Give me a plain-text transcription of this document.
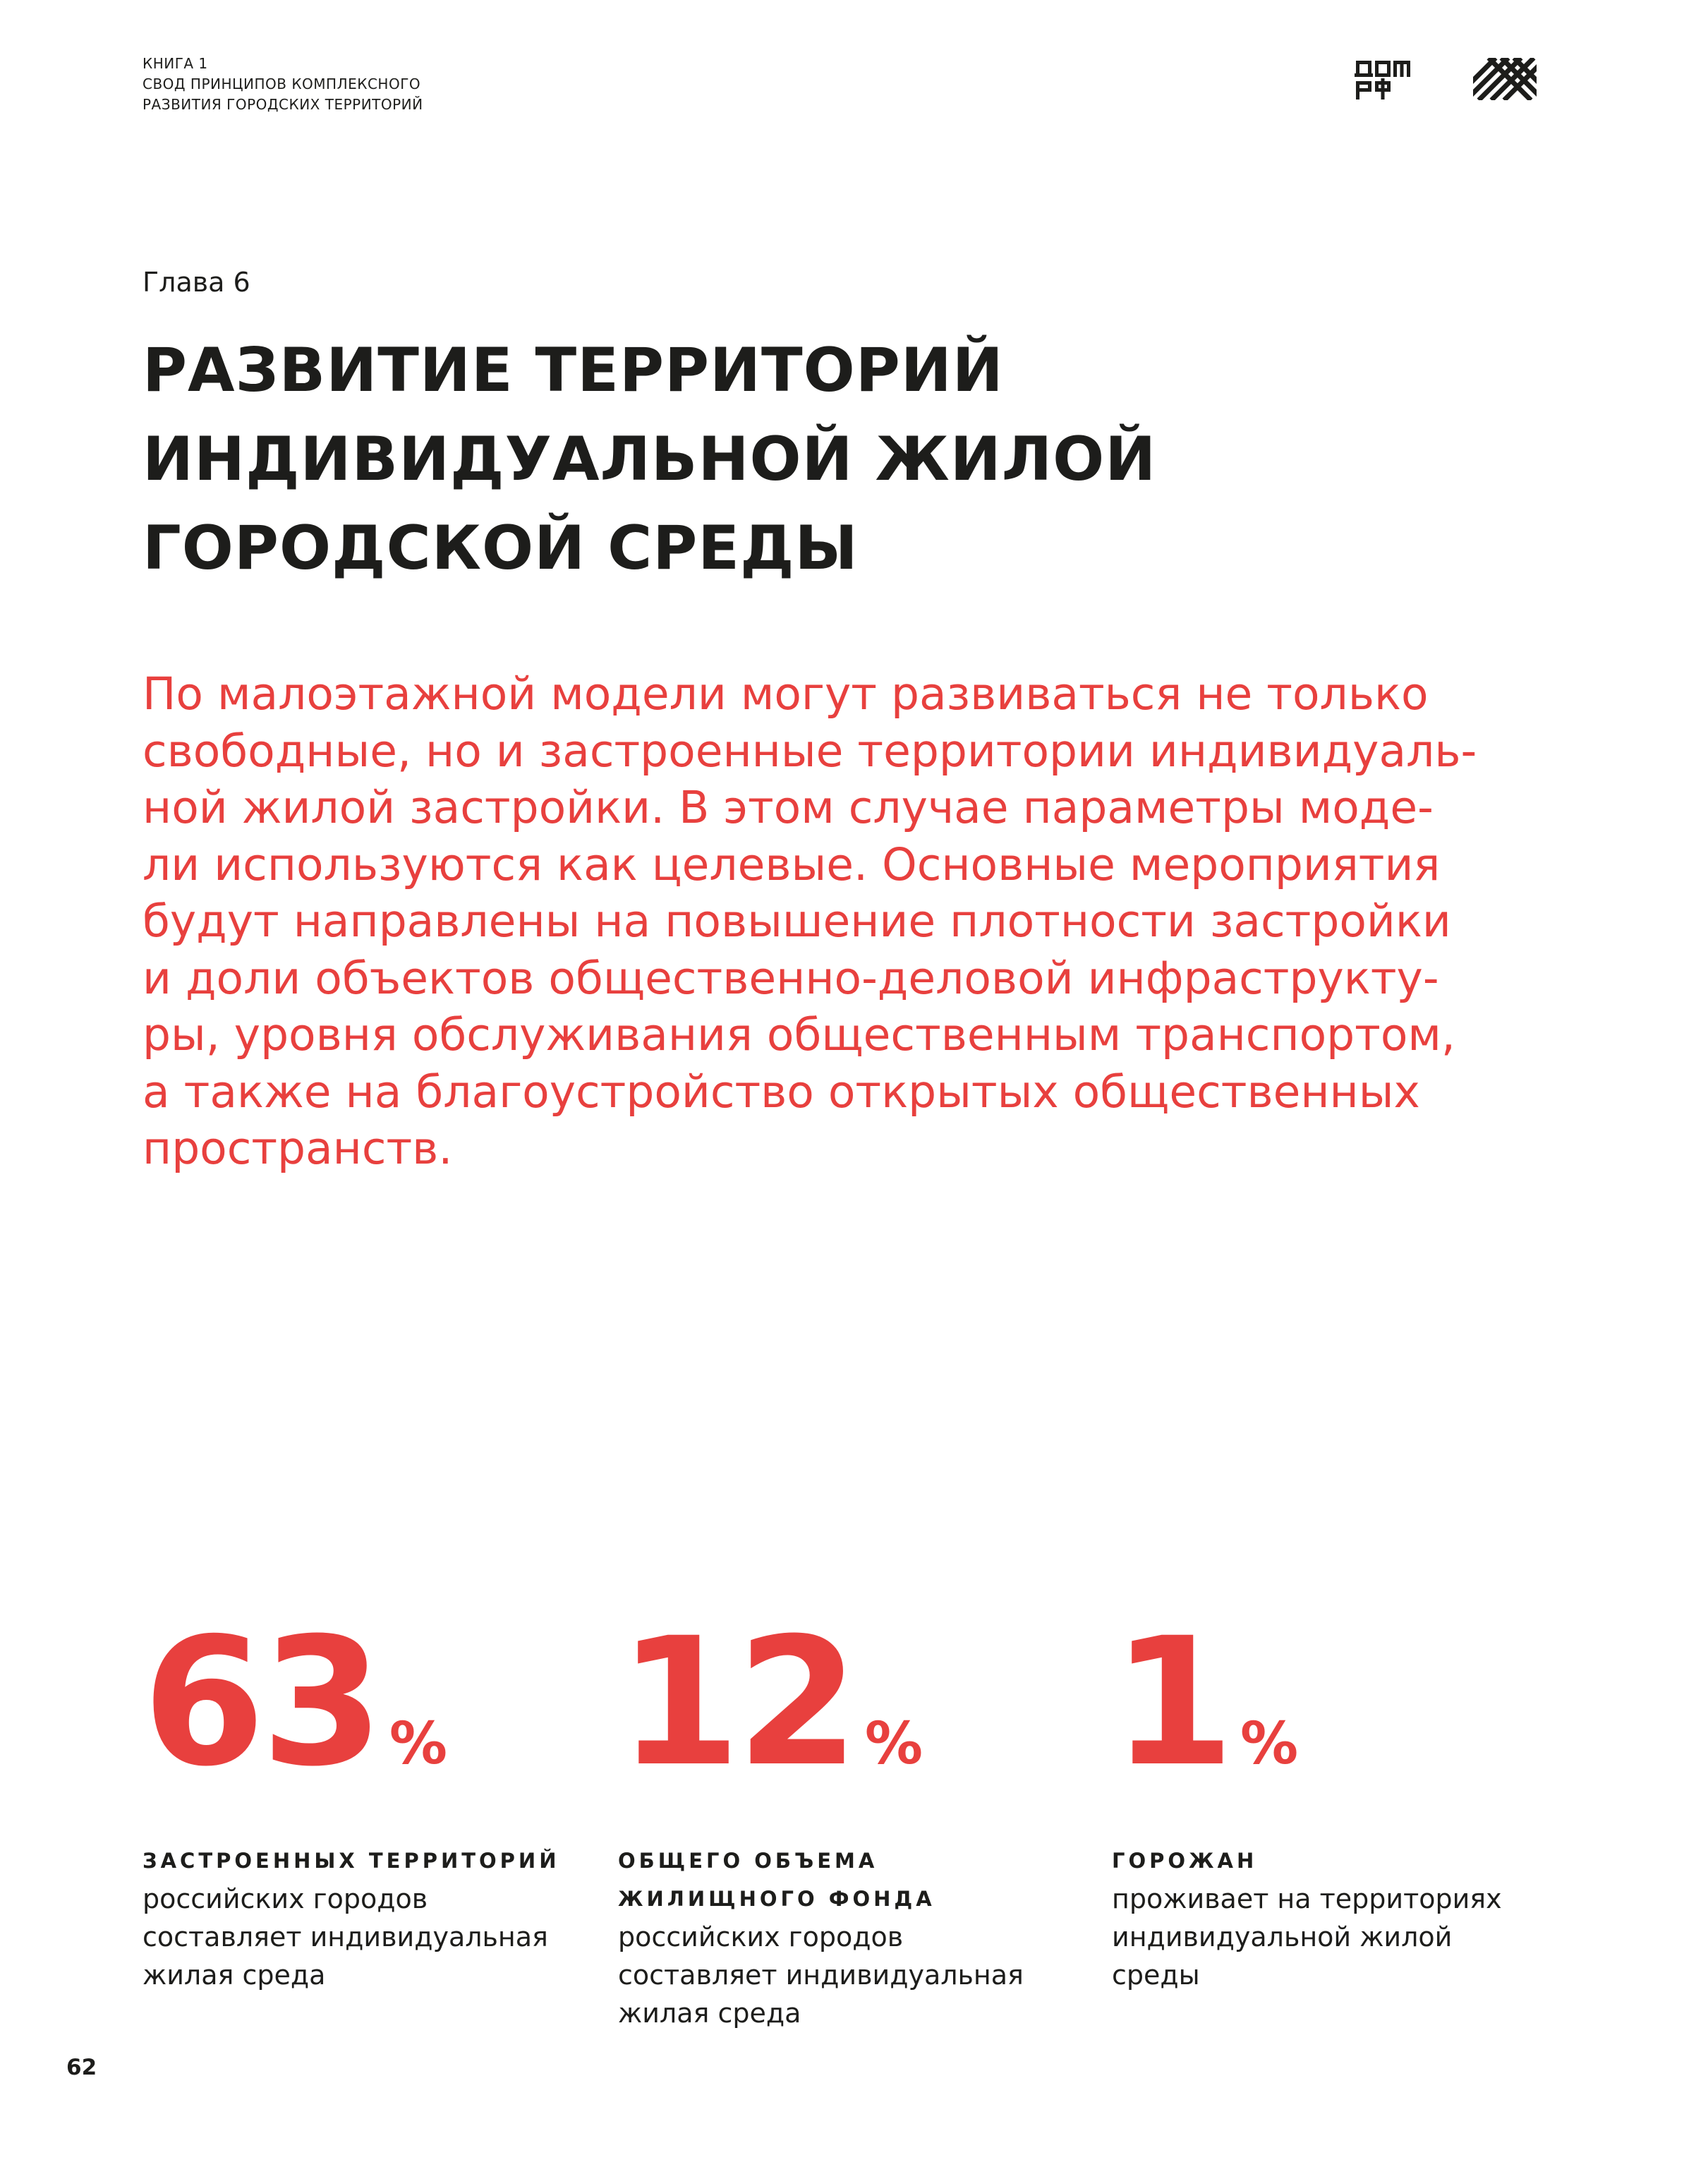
КНИГА 1
СВОД ПРИНЦИПОВ КОМПЛЕКСНОГО
РАЗВИТИЯ ГОРОДСКИХ ТЕРРИТОРИЙ
Глава 6
РАЗВИТИЕ ТЕРРИТОРИЙ
ИНДИВИДУАЛЬНОЙ ЖИЛОЙ
ГОРОДСКОЙ СРЕДЫ
По малоэтажной модели могут развиваться не только
свободные, но и застроенные территории индивидуаль-
ной жилой застройки. В этом случае параметры моде-
ли используются как целевые. Основные мероприятия
будут направлены на повышение плотности застройки
и доли объектов общественно-деловой инфраструкту-
ры, уровня обслуживания общественным транспортом,
а также на благоустройство открытых общественных
пространств.
63 %
ЗАСТРОЕННЫХ ТЕРРИТОРИЙ
российских городов
составляет индивидуальная
жилая среда
12 %
ОБЩЕГО ОБЪЕМА
ЖИЛИЩНОГО ФОНДА
российских городов
составляет индивидуальная
жилая среда
1 %
ГОРОЖАН
проживает на территориях
индивидуальной жилой
среды
62
